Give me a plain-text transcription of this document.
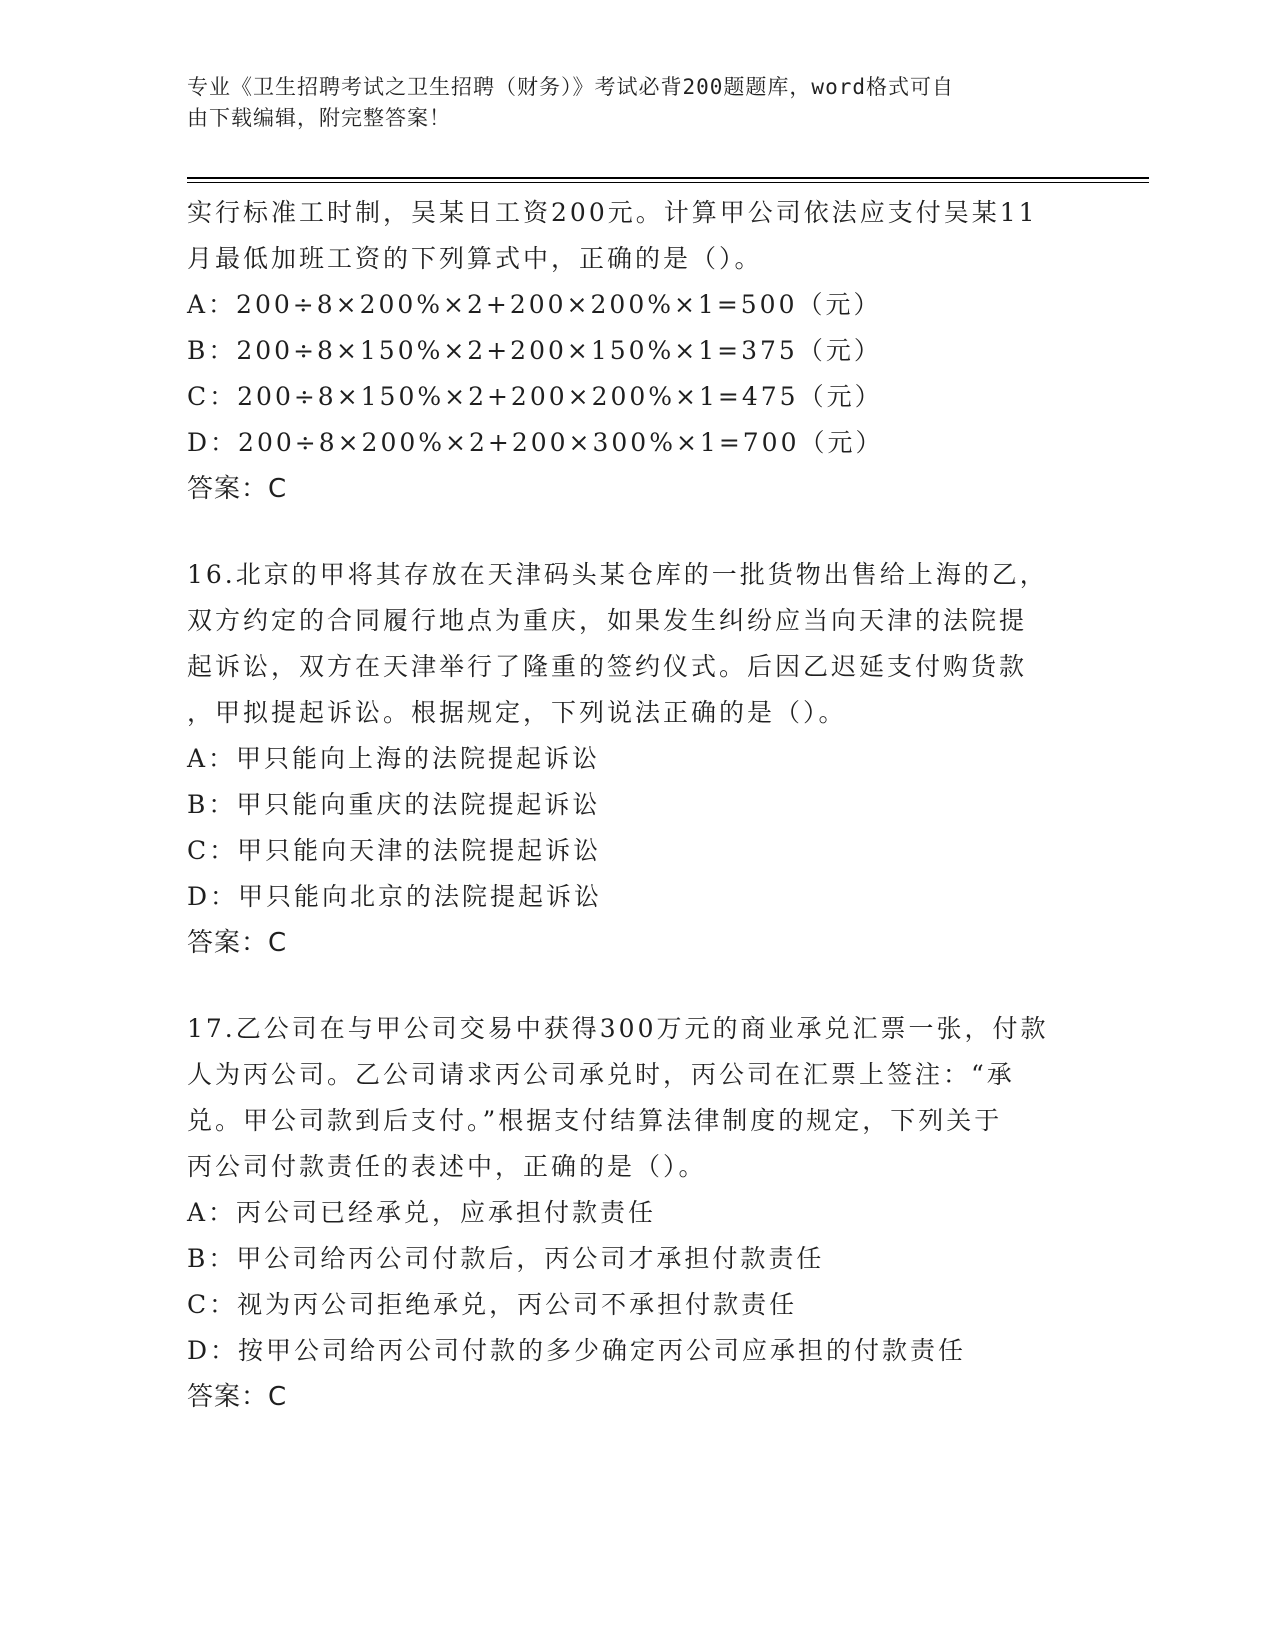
专业《卫生招聘考试之卫生招聘（财务）》考试必背200题题库，word格式可自
由下载编辑，附完整答案！
实行标准工时制，吴某日工资200元。计算甲公司依法应支付吴某11
月最低加班工资的下列算式中，正确的是（）。
A：200÷8×200%×2+200×200%×1=500（元）
B：200÷8×150%×2+200×150%×1=375（元）
C：200÷8×150%×2+200×200%×1=475（元）
D：200÷8×200%×2+200×300%×1=700（元）
答案：C
16.北京的甲将其存放在天津码头某仓库的一批货物出售给上海的乙，
双方约定的合同履行地点为重庆，如果发生纠纷应当向天津的法院提
起诉讼，双方在天津举行了隆重的签约仪式。后因乙迟延支付购货款
，甲拟提起诉讼。根据规定，下列说法正确的是（）。
A：甲只能向上海的法院提起诉讼
B：甲只能向重庆的法院提起诉讼
C：甲只能向天津的法院提起诉讼
D：甲只能向北京的法院提起诉讼
答案：C
17.乙公司在与甲公司交易中获得300万元的商业承兑汇票一张，付款
人为丙公司。乙公司请求丙公司承兑时，丙公司在汇票上签注：“承
兑。甲公司款到后支付。”根据支付结算法律制度的规定，下列关于
丙公司付款责任的表述中，正确的是（）。
A：丙公司已经承兑，应承担付款责任
B：甲公司给丙公司付款后，丙公司才承担付款责任
C：视为丙公司拒绝承兑，丙公司不承担付款责任
D：按甲公司给丙公司付款的多少确定丙公司应承担的付款责任
答案：C
